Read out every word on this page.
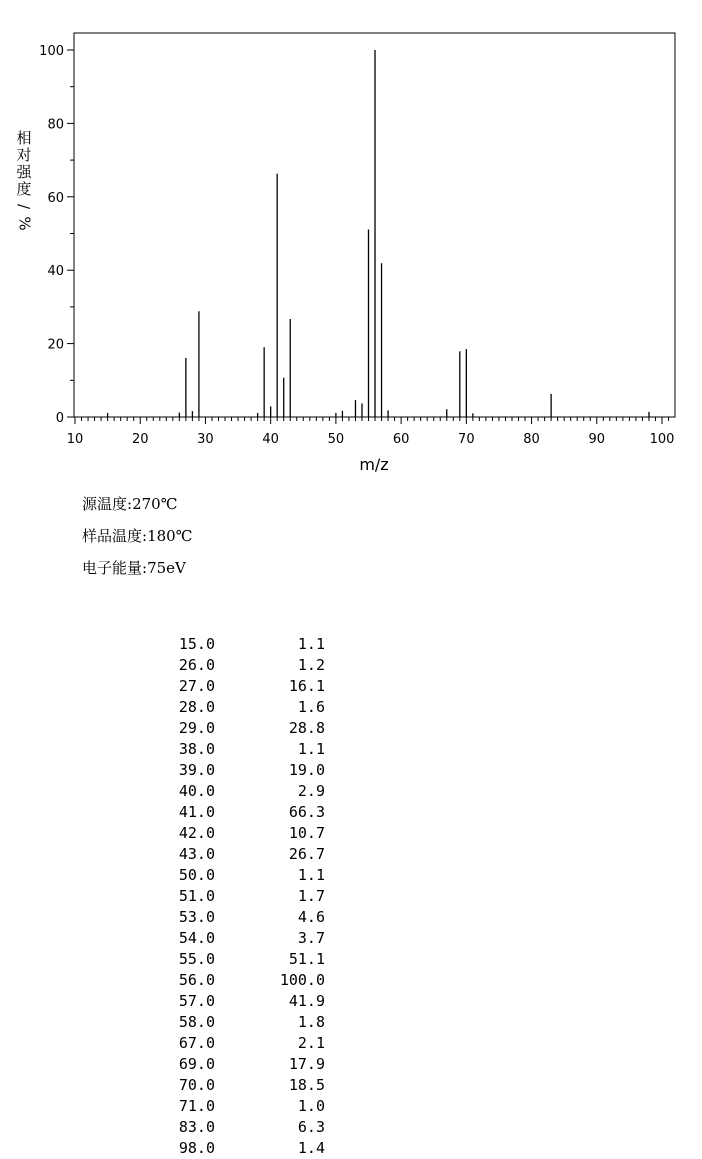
10	20	30	40	50	60	70	80	90	100
0
20
40
60
80
100
m/z
相
对
强
度
/
%
源温度:270℃
样品温度:180℃
电子能量:75eV
15.0	1.1
26.0	1.2
27.0	16.1
28.0	1.6
29.0	28.8
38.0	1.1
39.0	19.0
40.0	2.9
41.0	66.3
42.0	10.7
43.0	26.7
50.0	1.1
51.0	1.7
53.0	4.6
54.0	3.7
55.0	51.1
56.0	100.0
57.0	41.9
58.0	1.8
67.0	2.1
69.0	17.9
70.0	18.5
71.0	1.0
83.0	6.3
98.0	1.4
